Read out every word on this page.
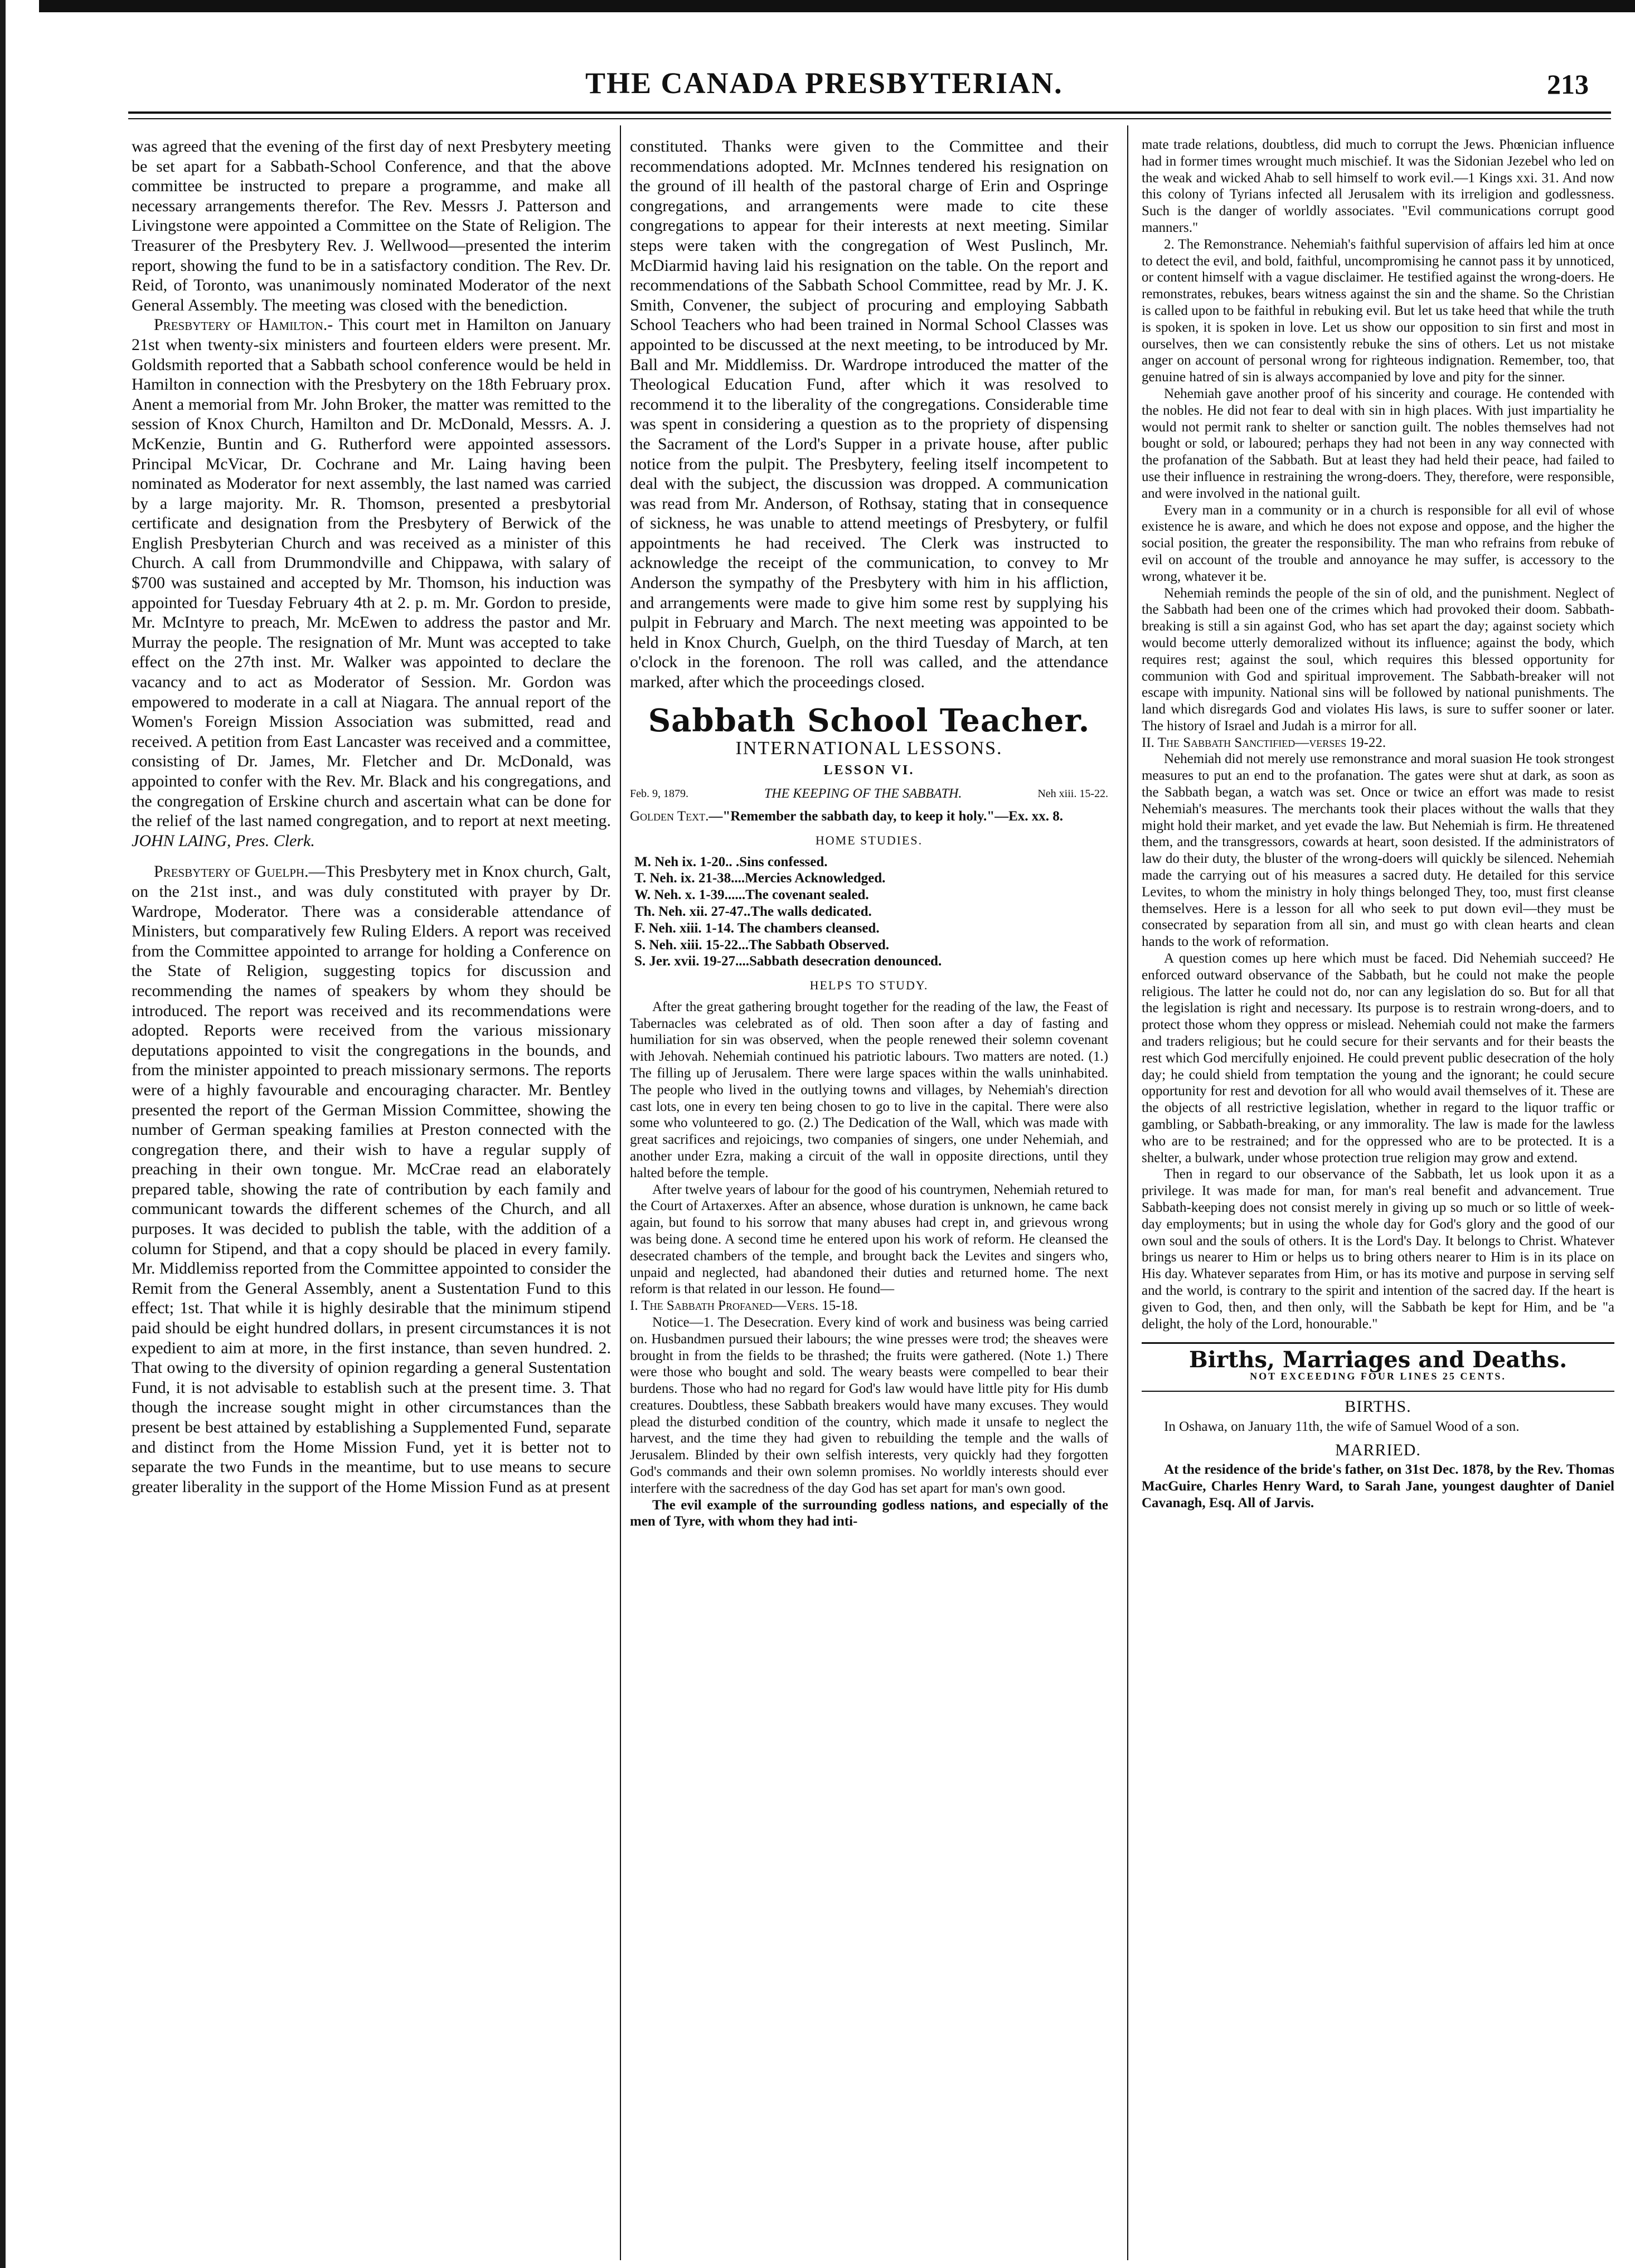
THE CANADA PRESBYTERIAN.	213

was agreed that the evening of the first day of next Presbytery meeting be set apart for a Sabbath-School Conference, and that the above committee be instructed to prepare a programme, and make all necessary arrangements therefor. The Rev. Messrs J. Patterson and Livingstone were appointed a Committee on the State of Religion. The Treasurer of the Presbytery Rev. J. Wellwood—presented the interim report, showing the fund to be in a satisfactory condition. The Rev. Dr. Reid, of Toronto, was unanimously nominated Moderator of the next General Assembly. The meeting was closed with the benediction.

Presbytery of Hamilton.- This court met in Hamilton on January 21st when twenty-six ministers and fourteen elders were present. Mr. Goldsmith reported that a Sabbath school conference would be held in Hamilton in connection with the Presbytery on the 18th February prox. Anent a memorial from Mr. John Broker, the matter was remitted to the session of Knox Church, Hamilton and Dr. McDonald, Messrs. A. J. McKenzie, Buntin and G. Rutherford were appointed assessors. Principal McVicar, Dr. Cochrane and Mr. Laing having been nominated as Moderator for next assembly, the last named was carried by a large majority. Mr. R. Thomson, presented a presbytorial certificate and designation from the Presbytery of Berwick of the English Presbyterian Church and was received as a minister of this Church. A call from Drummondville and Chippawa, with salary of $700 was sustained and accepted by Mr. Thomson, his induction was appointed for Tuesday February 4th at 2. p. m. Mr. Gordon to preside, Mr. McIntyre to preach, Mr. McEwen to address the pastor and Mr. Murray the people. The resignation of Mr. Munt was accepted to take effect on the 27th inst. Mr. Walker was appointed to declare the vacancy and to act as Moderator of Session. Mr. Gordon was empowered to moderate in a call at Niagara. The annual report of the Women's Foreign Mission Association was submitted, read and received. A petition from East Lancaster was received and a committee, consisting of Dr. James, Mr. Fletcher and Dr. McDonald, was appointed to confer with the Rev. Mr. Black and his congregations, and the congregation of Erskine church and ascertain what can be done for the relief of the last named congregation, and to report at next meeting. JOHN LAING, Pres. Clerk.

Presbytery of Guelph.—This Presbytery met in Knox church, Galt, on the 21st inst., and was duly constituted with prayer by Dr. Wardrope, Moderator. There was a considerable attendance of Ministers, but comparatively few Ruling Elders. A report was received from the Committee appointed to arrange for holding a Conference on the State of Religion, suggesting topics for discussion and recommending the names of speakers by whom they should be introduced. The report was received and its recommendations were adopted. Reports were received from the various missionary deputations appointed to visit the congregations in the bounds, and from the minister appointed to preach missionary sermons. The reports were of a highly favourable and encouraging character. Mr. Bentley presented the report of the German Mission Committee, showing the number of German speaking families at Preston connected with the congregation there, and their wish to have a regular supply of preaching in their own tongue. Mr. McCrae read an elaborately prepared table, showing the rate of contribution by each family and communicant towards the different schemes of the Church, and all purposes. It was decided to publish the table, with the addition of a column for Stipend, and that a copy should be placed in every family. Mr. Middlemiss reported from the Committee appointed to consider the Remit from the General Assembly, anent a Sustentation Fund to this effect; 1st. That while it is highly desirable that the minimum stipend paid should be eight hundred dollars, in present circumstances it is not expedient to aim at more, in the first instance, than seven hundred. 2. That owing to the diversity of opinion regarding a general Sustentation Fund, it is not advisable to establish such at the present time. 3. That though the increase sought might in other circumstances than the present be best attained by establishing a Supplemented Fund, separate and distinct from the Home Mission Fund, yet it is better not to separate the two Funds in the meantime, but to use means to secure greater liberality in the support of the Home Mission Fund as at present

constituted. Thanks were given to the Committee and their recommendations adopted. Mr. McInnes tendered his resignation on the ground of ill health of the pastoral charge of Erin and Ospringe congregations, and arrangements were made to cite these congregations to appear for their interests at next meeting. Similar steps were taken with the congregation of West Puslinch, Mr. McDiarmid having laid his resignation on the table. On the report and recommendations of the Sabbath School Committee, read by Mr. J. K. Smith, Convener, the subject of procuring and employing Sabbath School Teachers who had been trained in Normal School Classes was appointed to be discussed at the next meeting, to be introduced by Mr. Ball and Mr. Middlemiss. Dr. Wardrope introduced the matter of the Theological Education Fund, after which it was resolved to recommend it to the liberality of the congregations. Considerable time was spent in considering a question as to the propriety of dispensing the Sacrament of the Lord's Supper in a private house, after public notice from the pulpit. The Presbytery, feeling itself incompetent to deal with the subject, the discussion was dropped. A communication was read from Mr. Anderson, of Rothsay, stating that in consequence of sickness, he was unable to attend meetings of Presbytery, or fulfil appointments he had received. The Clerk was instructed to acknowledge the receipt of the communication, to convey to Mr Anderson the sympathy of the Presbytery with him in his affliction, and arrangements were made to give him some rest by supplying his pulpit in February and March. The next meeting was appointed to be held in Knox Church, Guelph, on the third Tuesday of March, at ten o'clock in the forenoon. The roll was called, and the attendance marked, after which the proceedings closed.

Sabbath School Teacher.
INTERNATIONAL LESSONS.
LESSON VI.
Feb. 9, 1879.	THE KEEPING OF THE SABBATH.	Neh xiii. 15-22.
Golden Text.—"Remember the sabbath day, to keep it holy."—Ex. xx. 8.
HOME STUDIES.
M. Neh ix. 1-20.. .Sins confessed.
T. Neh. ix. 21-38....Mercies Acknowledged.
W. Neh. x. 1-39......The covenant sealed.
Th. Neh. xii. 27-47..The walls dedicated.
F. Neh. xiii. 1-14. The chambers cleansed.
S. Neh. xiii. 15-22...The Sabbath Observed.
S. Jer. xvii. 19-27....Sabbath desecration denounced.
HELPS TO STUDY.

After the great gathering brought together for the reading of the law, the Feast of Tabernacles was celebrated as of old. Then soon after a day of fasting and humiliation for sin was observed, when the people renewed their solemn covenant with Jehovah. Nehemiah continued his patriotic labours. Two matters are noted. (1.) The filling up of Jerusalem. There were large spaces within the walls uninhabited. The people who lived in the outlying towns and villages, by Nehemiah's direction cast lots, one in every ten being chosen to go to live in the capital. There were also some who volunteered to go. (2.) The Dedication of the Wall, which was made with great sacrifices and rejoicings, two companies of singers, one under Nehemiah, and another under Ezra, making a circuit of the wall in opposite directions, until they halted before the temple.

After twelve years of labour for the good of his countrymen, Nehemiah retured to the Court of Artaxerxes. After an absence, whose duration is unknown, he came back again, but found to his sorrow that many abuses had crept in, and grievous wrong was being done. A second time he entered upon his work of reform. He cleansed the desecrated chambers of the temple, and brought back the Levites and singers who, unpaid and neglected, had abandoned their duties and returned home. The next reform is that related in our lesson. He found—

I. The Sabbath Profaned—Vers. 15-18.

Notice—1. The Desecration. Every kind of work and business was being carried on. Husbandmen pursued their labours; the wine presses were trod; the sheaves were brought in from the fields to be thrashed; the fruits were gathered. (Note 1.) There were those who bought and sold. The weary beasts were compelled to bear their burdens. Those who had no regard for God's law would have little pity for His dumb creatures. Doubtless, these Sabbath breakers would have many excuses. They would plead the disturbed condition of the country, which made it unsafe to neglect the harvest, and the time they had given to rebuilding the temple and the walls of Jerusalem. Blinded by their own selfish interests, very quickly had they forgotten God's commands and their own solemn promises. No worldly interests should ever interfere with the sacredness of the day God has set apart for man's own good.

The evil example of the surrounding godless nations, and especially of the men of Tyre, with whom they had inti-

mate trade relations, doubtless, did much to corrupt the Jews. Phœnician influence had in former times wrought much mischief. It was the Sidonian Jezebel who led on the weak and wicked Ahab to sell himself to work evil.—1 Kings xxi. 31. And now this colony of Tyrians infected all Jerusalem with its irreligion and godlessness. Such is the danger of worldly associates. "Evil communications corrupt good manners."

2. The Remonstrance. Nehemiah's faithful supervision of affairs led him at once to detect the evil, and bold, faithful, uncompromising he cannot pass it by unnoticed, or content himself with a vague disclaimer. He testified against the wrong-doers. He remonstrates, rebukes, bears witness against the sin and the shame. So the Christian is called upon to be faithful in rebuking evil. But let us take heed that while the truth is spoken, it is spoken in love. Let us show our opposition to sin first and most in ourselves, then we can consistently rebuke the sins of others. Let us not mistake anger on account of personal wrong for righteous indignation. Remember, too, that genuine hatred of sin is always accompanied by love and pity for the sinner.

Nehemiah gave another proof of his sincerity and courage. He contended with the nobles. He did not fear to deal with sin in high places. With just impartiality he would not permit rank to shelter or sanction guilt. The nobles themselves had not bought or sold, or laboured; perhaps they had not been in any way connected with the profanation of the Sabbath. But at least they had held their peace, had failed to use their influence in restraining the wrong-doers. They, therefore, were responsible, and were involved in the national guilt.

Every man in a community or in a church is responsible for all evil of whose existence he is aware, and which he does not expose and oppose, and the higher the social position, the greater the responsibility. The man who refrains from rebuke of evil on account of the trouble and annoyance he may suffer, is accessory to the wrong, whatever it be.

Nehemiah reminds the people of the sin of old, and the punishment. Neglect of the Sabbath had been one of the crimes which had provoked their doom. Sabbath-breaking is still a sin against God, who has set apart the day; against society which would become utterly demoralized without its influence; against the body, which requires rest; against the soul, which requires this blessed opportunity for communion with God and spiritual improvement. The Sabbath-breaker will not escape with impunity. National sins will be followed by national punishments. The land which disregards God and violates His laws, is sure to suffer sooner or later. The history of Israel and Judah is a mirror for all.

II. The Sabbath Sanctified—verses 19-22.

Nehemiah did not merely use remonstrance and moral suasion He took strongest measures to put an end to the profanation. The gates were shut at dark, as soon as the Sabbath began, a watch was set. Once or twice an effort was made to resist Nehemiah's measures. The merchants took their places without the walls that they might hold their market, and yet evade the law. But Nehemiah is firm. He threatened them, and the transgressors, cowards at heart, soon desisted. If the administrators of law do their duty, the bluster of the wrong-doers will quickly be silenced. Nehemiah made the carrying out of his measures a sacred duty. He detailed for this service Levites, to whom the ministry in holy things belonged They, too, must first cleanse themselves. Here is a lesson for all who seek to put down evil—they must be consecrated by separation from all sin, and must go with clean hearts and clean hands to the work of reformation.

A question comes up here which must be faced. Did Nehemiah succeed? He enforced outward observance of the Sabbath, but he could not make the people religious. The latter he could not do, nor can any legislation do so. But for all that the legislation is right and necessary. Its purpose is to restrain wrong-doers, and to protect those whom they oppress or mislead. Nehemiah could not make the farmers and traders religious; but he could secure for their servants and for their beasts the rest which God mercifully enjoined. He could prevent public desecration of the holy day; he could shield from temptation the young and the ignorant; he could secure opportunity for rest and devotion for all who would avail themselves of it. These are the objects of all restrictive legislation, whether in regard to the liquor traffic or gambling, or Sabbath-breaking, or any immorality. The law is made for the lawless who are to be restrained; and for the oppressed who are to be protected. It is a shelter, a bulwark, under whose protection true religion may grow and extend.

Then in regard to our observance of the Sabbath, let us look upon it as a privilege. It was made for man, for man's real benefit and advancement. True Sabbath-keeping does not consist merely in giving up so much or so little of week-day employments; but in using the whole day for God's glory and the good of our own soul and the souls of others. It is the Lord's Day. It belongs to Christ. Whatever brings us nearer to Him or helps us to bring others nearer to Him is in its place on His day. Whatever separates from Him, or has its motive and purpose in serving self and the world, is contrary to the spirit and intention of the sacred day. If the heart is given to God, then, and then only, will the Sabbath be kept for Him, and be "a delight, the holy of the Lord, honourable."

Births, Marriages and Deaths.
NOT EXCEEDING FOUR LINES 25 CENTS.
BIRTHS.

In Oshawa, on January 11th, the wife of Samuel Wood of a son.

MARRIED.

At the residence of the bride's father, on 31st Dec. 1878, by the Rev. Thomas MacGuire, Charles Henry Ward, to Sarah Jane, youngest daughter of Daniel Cavanagh, Esq. All of Jarvis.
